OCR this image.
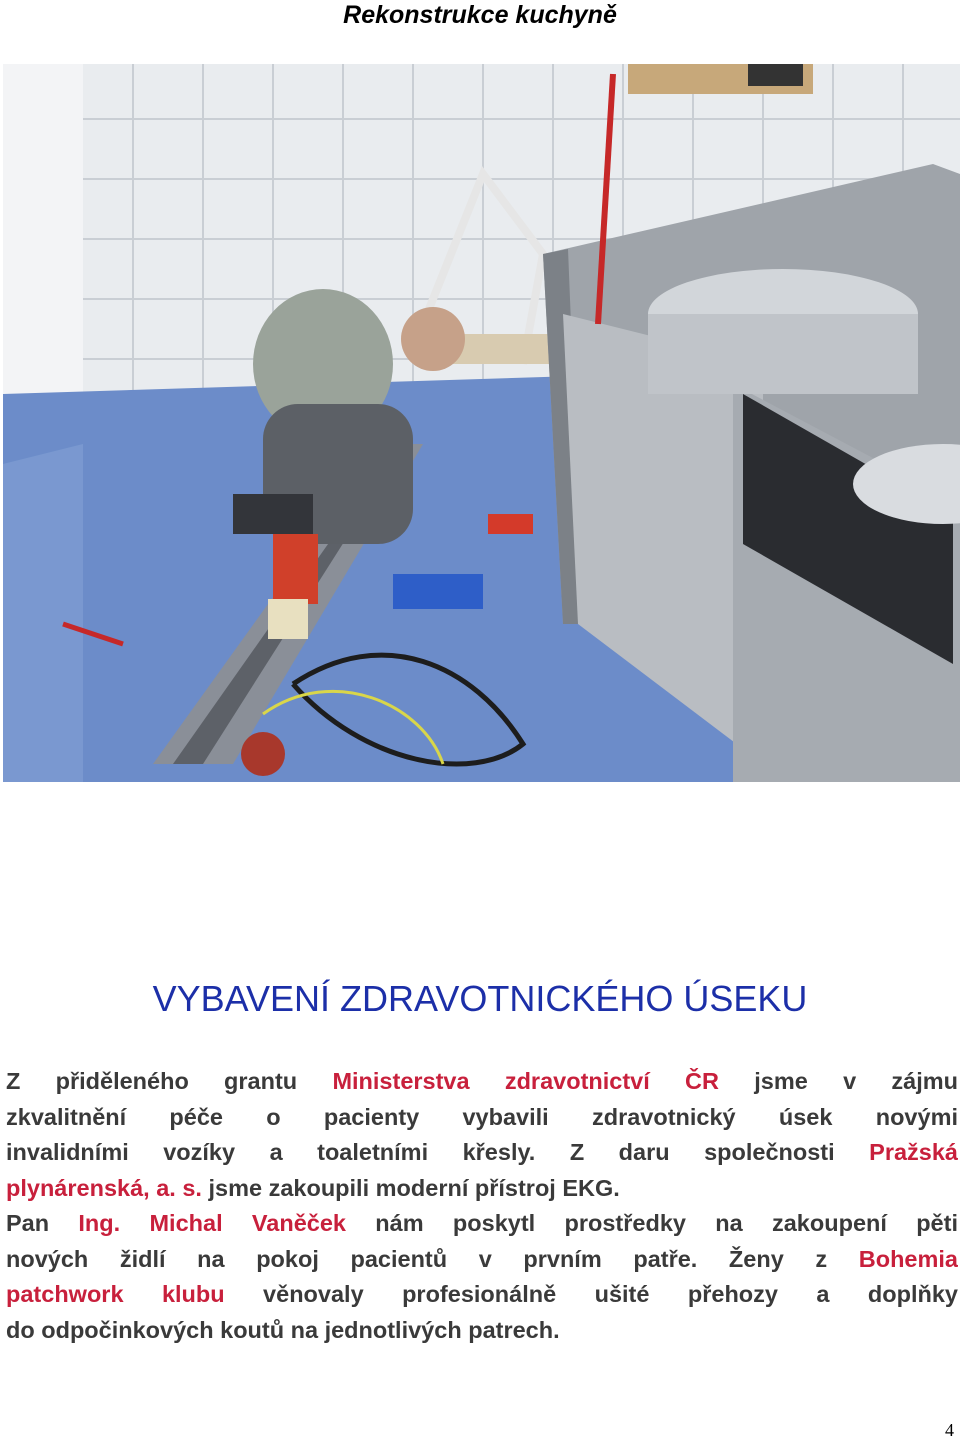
Rekonstrukce kuchyně
VYBAVENÍ ZDRAVOTNICKÉHO ÚSEKU
Z přiděleného grantu Ministerstva zdravotnictví ČR jsme v zájmu
zkvalitnění péče o pacienty vybavili zdravotnický úsek novými
invalidními vozíky a toaletními křesly. Z daru společnosti Pražská
plynárenská, a. s. jsme zakoupili moderní přístroj EKG.
Pan Ing. Michal Vaněček nám poskytl prostředky na zakoupení pěti
nových židlí na pokoj pacientů v prvním patře. Ženy z Bohemia
patchwork klubu věnovaly profesionálně ušité přehozy a doplňky
do odpočinkových koutů na jednotlivých patrech.
4
